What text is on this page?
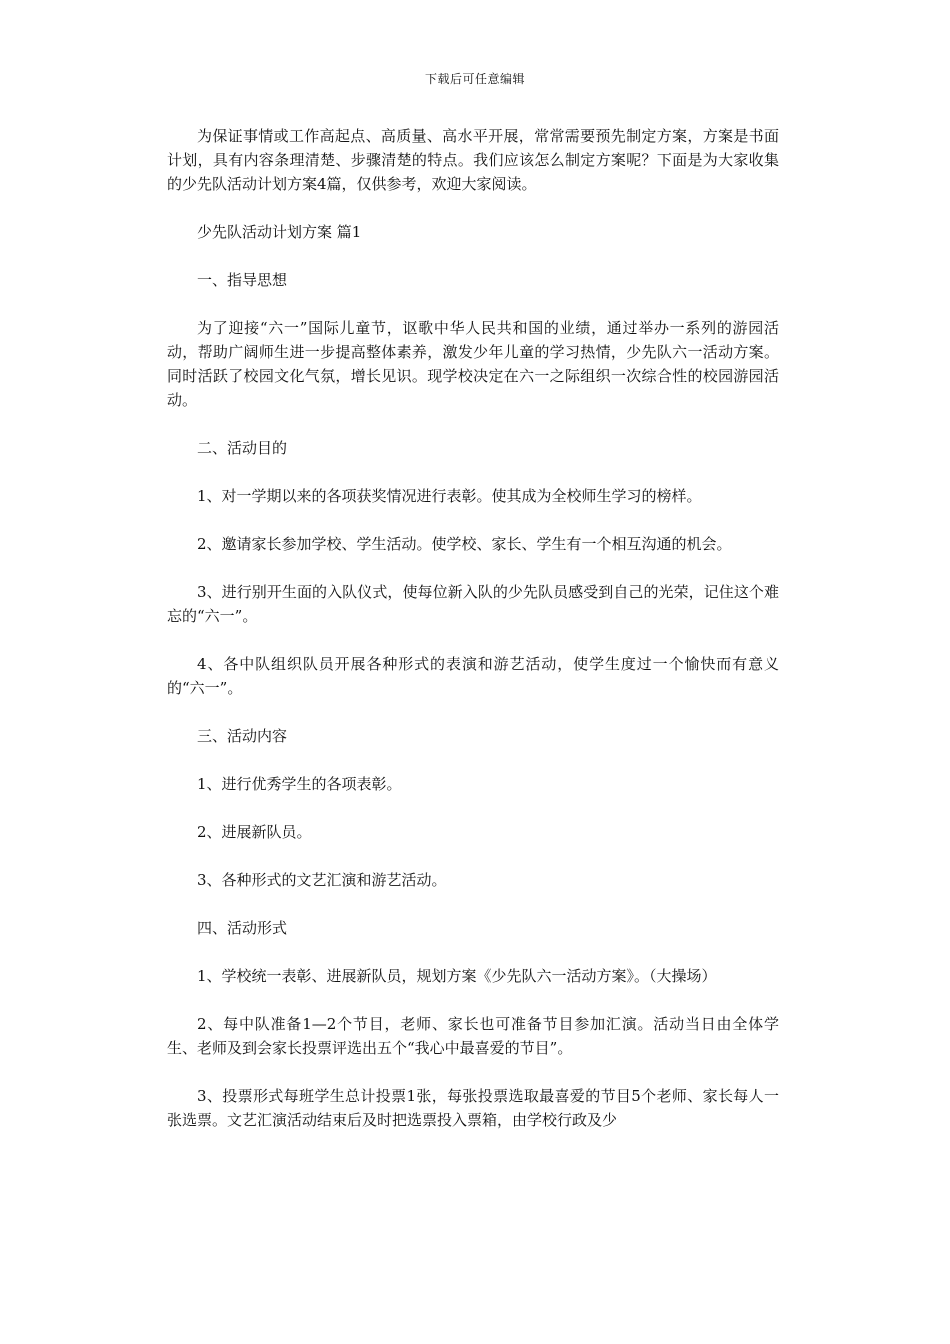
下载后可任意编辑

为保证事情或工作高起点、高质量、高水平开展，常常需要预先制定方案，方案是书面计划，具有内容条理清楚、步骤清楚的特点。我们应该怎么制定方案呢？下面是为大家收集的少先队活动计划方案4篇，仅供参考，欢迎大家阅读。

少先队活动计划方案 篇1

一、指导思想

为了迎接“六一”国际儿童节，讴歌中华人民共和国的业绩，通过举办一系列的游园活动，帮助广阔师生进一步提高整体素养，激发少年儿童的学习热情，少先队六一活动方案。同时活跃了校园文化气氛，增长见识。现学校决定在六一之际组织一次综合性的校园游园活动。

二、活动目的

1、对一学期以来的各项获奖情况进行表彰。使其成为全校师生学习的榜样。

2、邀请家长参加学校、学生活动。使学校、家长、学生有一个相互沟通的机会。

3、进行别开生面的入队仪式，使每位新入队的少先队员感受到自己的光荣，记住这个难忘的“六一”。

4、各中队组织队员开展各种形式的表演和游艺活动，使学生度过一个愉快而有意义的“六一”。

三、活动内容

1、进行优秀学生的各项表彰。

2、进展新队员。

3、各种形式的文艺汇演和游艺活动。

四、活动形式

1、学校统一表彰、进展新队员，规划方案《少先队六一活动方案》。（大操场）

2、每中队准备1—2个节目，老师、家长也可准备节目参加汇演。活动当日由全体学生、老师及到会家长投票评选出五个“我心中最喜爱的节目”。

3、投票形式每班学生总计投票1张，每张投票选取最喜爱的节目5个老师、家长每人一张选票。文艺汇演活动结束后及时把选票投入票箱，由学校行政及少
